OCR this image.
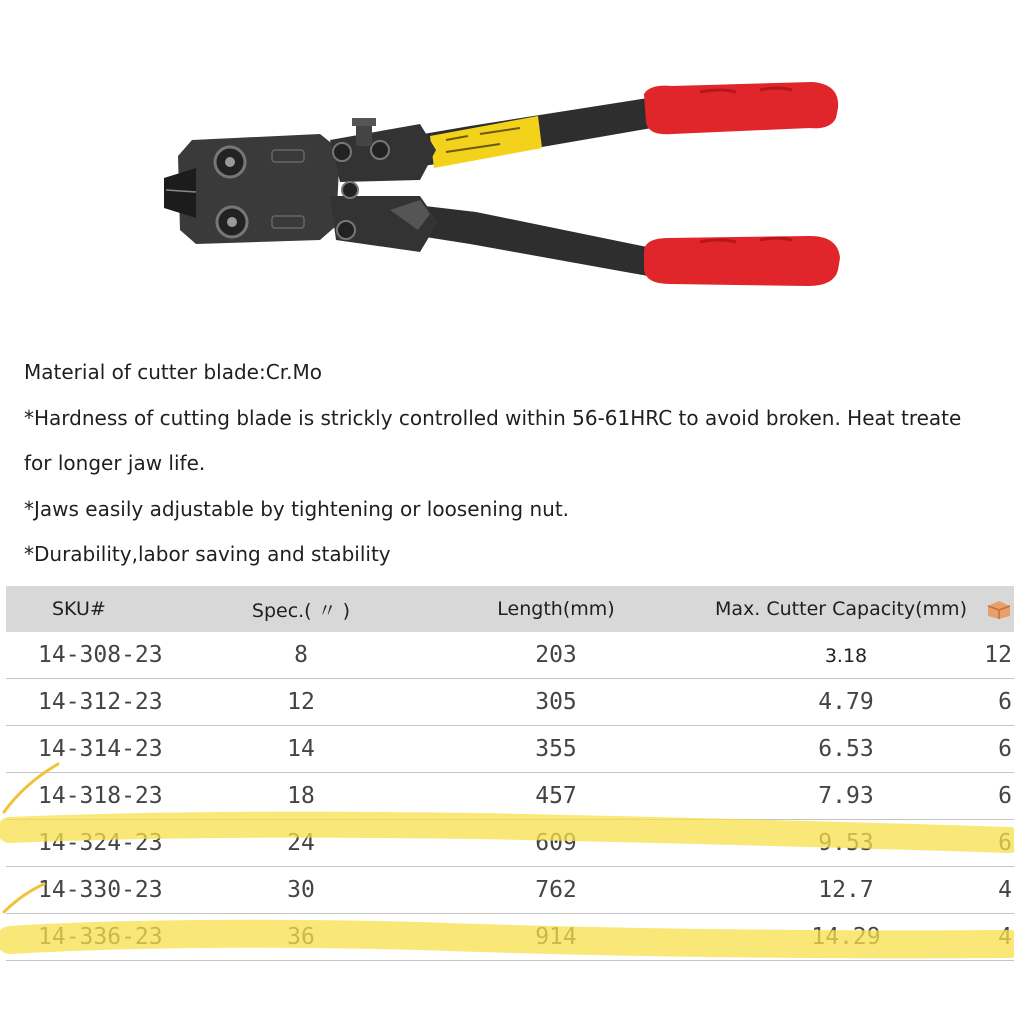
Material of cutter blade:Cr.Mo
*Hardness of cutting blade is strickly controlled within 56-61HRC to avoid broken. Heat treate
for longer jaw life.
*Jaws easily adjustable by tightening or loosening nut.
*Durability,labor saving and stability
SKU#	Spec.( 〃 )	Length(mm)	Max. Cutter Capacity(mm)	
14-308-23	8	203	3.18	12
14-312-23	12	305	4.79	6
14-314-23	14	355	6.53	6
14-318-23	18	457	7.93	6
14-324-23	24	609	9.53	6
14-330-23	30	762	12.7	4
14-336-23	36	914	14.29	4
